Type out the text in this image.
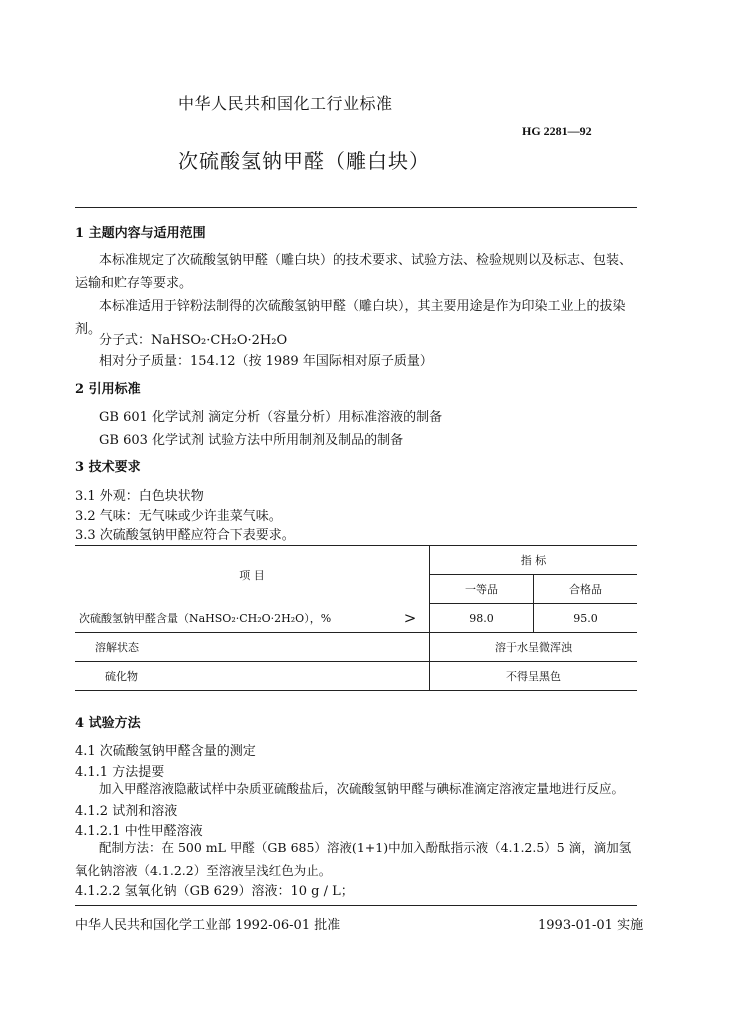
中华人民共和国化工行业标准
HG 2281—92
次硫酸氢钠甲醛（雕白块）
1 主题内容与适用范围
本标准规定了次硫酸氢钠甲醛（雕白块）的技术要求、试验方法、检验规则以及标志、包装、运输和贮存等要求。
本标准适用于锌粉法制得的次硫酸氢钠甲醛（雕白块），其主要用途是作为印染工业上的拔染剂。
分子式：NaHSO₂·CH₂O·2H₂O
相对分子质量：154.12（按 1989 年国际相对原子质量）
2 引用标准
GB 601 化学试剂 滴定分析（容量分析）用标准溶液的制备
GB 603 化学试剂 试验方法中所用制剂及制品的制备
3 技术要求
3.1 外观：白色块状物
3.2 气味：无气味或少许韭菜气味。
3.3 次硫酸氢钠甲醛应符合下表要求。
项 目		指 标	
		一等品	合格品
次硫酸氢钠甲醛含量（NaHSO₂·CH₂O·2H₂O），%	>	98.0	95.0
溶解状态		溶于水呈微浑浊	
硫化物		不得呈黑色	
4 试验方法
4.1 次硫酸氢钠甲醛含量的测定
4.1.1 方法提要
加入甲醛溶液隐蔽试样中杂质亚硫酸盐后，次硫酸氢钠甲醛与碘标准滴定溶液定量地进行反应。
4.1.2 试剂和溶液
4.1.2.1 中性甲醛溶液
配制方法：在 500 mL 甲醛（GB 685）溶液(1+1)中加入酚酞指示液（4.1.2.5）5 滴，滴加氢氧化钠溶液（4.1.2.2）至溶液呈浅红色为止。
4.1.2.2 氢氧化钠（GB 629）溶液：10 g / L；
中华人民共和国化学工业部 1992-06-01 批准	1993-01-01 实施
